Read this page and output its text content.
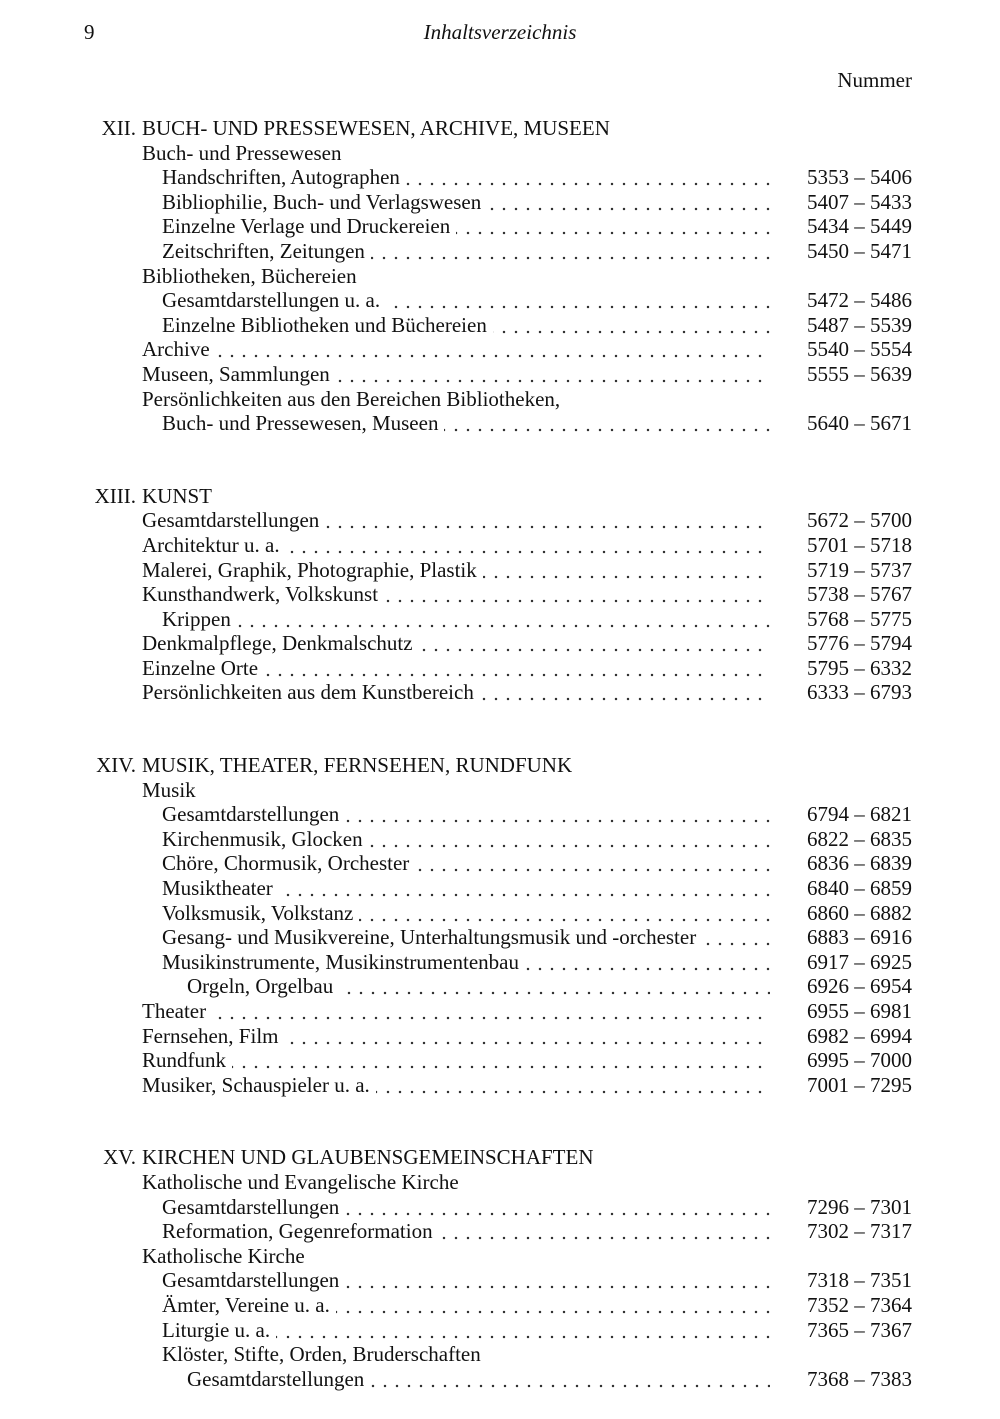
9	Inhaltsverzeichnis
Nummer
XII. BUCH- UND PRESSEWESEN, ARCHIVE, MUSEEN
Buch- und Pressewesen
Handschriften, Autographen	5353 – 5406
Bibliophilie, Buch- und Verlagswesen	5407 – 5433
Einzelne Verlage und Druckereien	5434 – 5449
Zeitschriften, Zeitungen	5450 – 5471
Bibliotheken, Büchereien
Gesamtdarstellungen u. a.	5472 – 5486
Einzelne Bibliotheken und Büchereien	5487 – 5539
Archive	5540 – 5554
Museen, Sammlungen	5555 – 5639
Persönlichkeiten aus den Bereichen Bibliotheken,
Buch- und Pressewesen, Museen	5640 – 5671
XIII. KUNST
Gesamtdarstellungen	5672 – 5700
Architektur u. a.	5701 – 5718
Malerei, Graphik, Photographie, Plastik	5719 – 5737
Kunsthandwerk, Volkskunst	5738 – 5767
Krippen	5768 – 5775
Denkmalpflege, Denkmalschutz	5776 – 5794
Einzelne Orte	5795 – 6332
Persönlichkeiten aus dem Kunstbereich	6333 – 6793
XIV. MUSIK, THEATER, FERNSEHEN, RUNDFUNK
Musik
Gesamtdarstellungen	6794 – 6821
Kirchenmusik, Glocken	6822 – 6835
Chöre, Chormusik, Orchester	6836 – 6839
Musiktheater	6840 – 6859
Volksmusik, Volkstanz	6860 – 6882
Gesang- und Musikvereine, Unterhaltungsmusik und -orchester	6883 – 6916
Musikinstrumente, Musikinstrumentenbau	6917 – 6925
Orgeln, Orgelbau	6926 – 6954
Theater	6955 – 6981
Fernsehen, Film	6982 – 6994
Rundfunk	6995 – 7000
Musiker, Schauspieler u. a.	7001 – 7295
XV. KIRCHEN UND GLAUBENSGEMEINSCHAFTEN
Katholische und Evangelische Kirche
Gesamtdarstellungen	7296 – 7301
Reformation, Gegenreformation	7302 – 7317
Katholische Kirche
Gesamtdarstellungen	7318 – 7351
Ämter, Vereine u. a.	7352 – 7364
Liturgie u. a.	7365 – 7367
Klöster, Stifte, Orden, Bruderschaften
Gesamtdarstellungen	7368 – 7383
